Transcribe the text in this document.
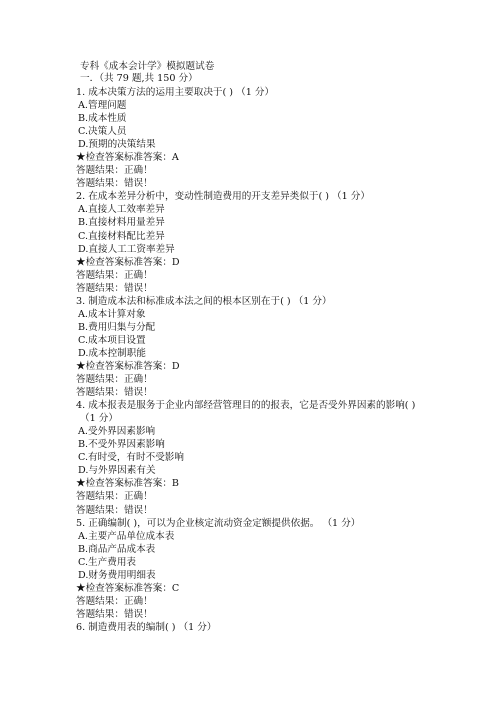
专科《成本会计学》模拟题试卷
一．（共 79 题,共 150 分）
1. 成本决策方法的运用主要取决于( ) （1 分）
A.管理问题
B.成本性质
C.决策人员
D.预期的决策结果
★检查答案标准答案：A
答题结果：正确！
答题结果：错误！
2. 在成本差异分析中，变动性制造费用的开支差异类似于( ) （1 分）
A.直接人工效率差异
B.直接材料用量差异
C.直接材料配比差异
D.直接人工工资率差异
★检查答案标准答案：D
答题结果：正确！
答题结果：错误！
3. 制造成本法和标准成本法之间的根本区别在于( ) （1 分）
A.成本计算对象
B.费用归集与分配
C.成本项目设置
D.成本控制职能
★检查答案标准答案：D
答题结果：正确！
答题结果：错误！
4. 成本报表是服务于企业内部经营管理目的的报表，它是否受外界因素的影响( )
（1 分）
A.受外界因素影响
B.不受外界因素影响
C.有时受，有时不受影响
D.与外界因素有关
★检查答案标准答案：B
答题结果：正确！
答题结果：错误！
5. 正确编制( )，可以为企业核定流动资金定额提供依据。 （1 分）
A.主要产品单位成本表
B.商品产品成本表
C.生产费用表
D.财务费用明细表
★检查答案标准答案：C
答题结果：正确！
答题结果：错误！
6. 制造费用表的编制( ) （1 分）
